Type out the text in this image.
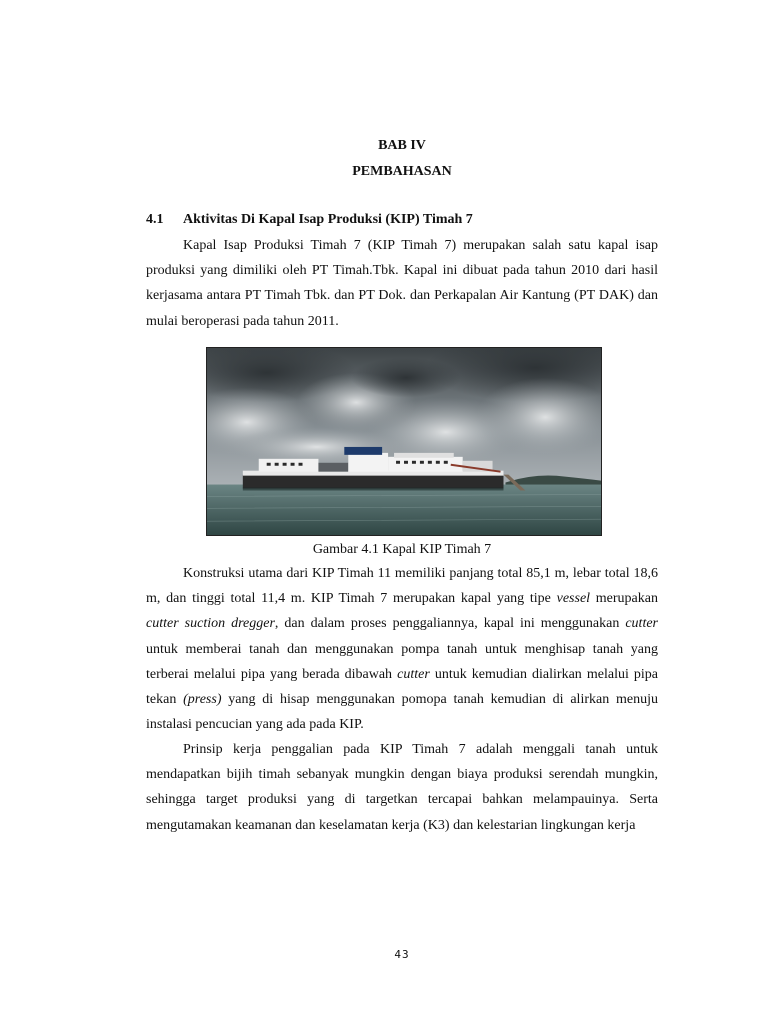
BAB IV
PEMBAHASAN
4.1 Aktivitas Di Kapal Isap Produksi (KIP) Timah 7

Kapal Isap Produksi Timah 7 (KIP Timah 7) merupakan salah satu kapal isap produksi yang dimiliki oleh PT Timah.Tbk. Kapal ini dibuat pada tahun 2010 dari hasil kerjasama antara PT Timah Tbk. dan PT Dok. dan Perkapalan Air Kantung (PT DAK) dan mulai beroperasi pada tahun 2011.

Gambar 4.1 Kapal KIP Timah 7

Konstruksi utama dari KIP Timah 11 memiliki panjang total 85,1 m, lebar total 18,6 m, dan tinggi total 11,4 m. KIP Timah 7 merupakan kapal yang tipe vessel merupakan cutter suction dregger, dan dalam proses penggaliannya, kapal ini menggunakan cutter untuk memberai tanah dan menggunakan pompa tanah untuk menghisap tanah yang terberai melalui pipa yang berada dibawah cutter untuk kemudian dialirkan melalui pipa tekan (press) yang di hisap menggunakan pomopa tanah kemudian di alirkan menuju instalasi pencucian yang ada pada KIP.

Prinsip kerja penggalian pada KIP Timah 7 adalah menggali tanah untuk mendapatkan bijih timah sebanyak mungkin dengan biaya produksi serendah mungkin, sehingga target produksi yang di targetkan tercapai bahkan melampauinya. Serta mengutamakan keamanan dan keselamatan kerja (K3) dan kelestarian lingkungan kerja

43
